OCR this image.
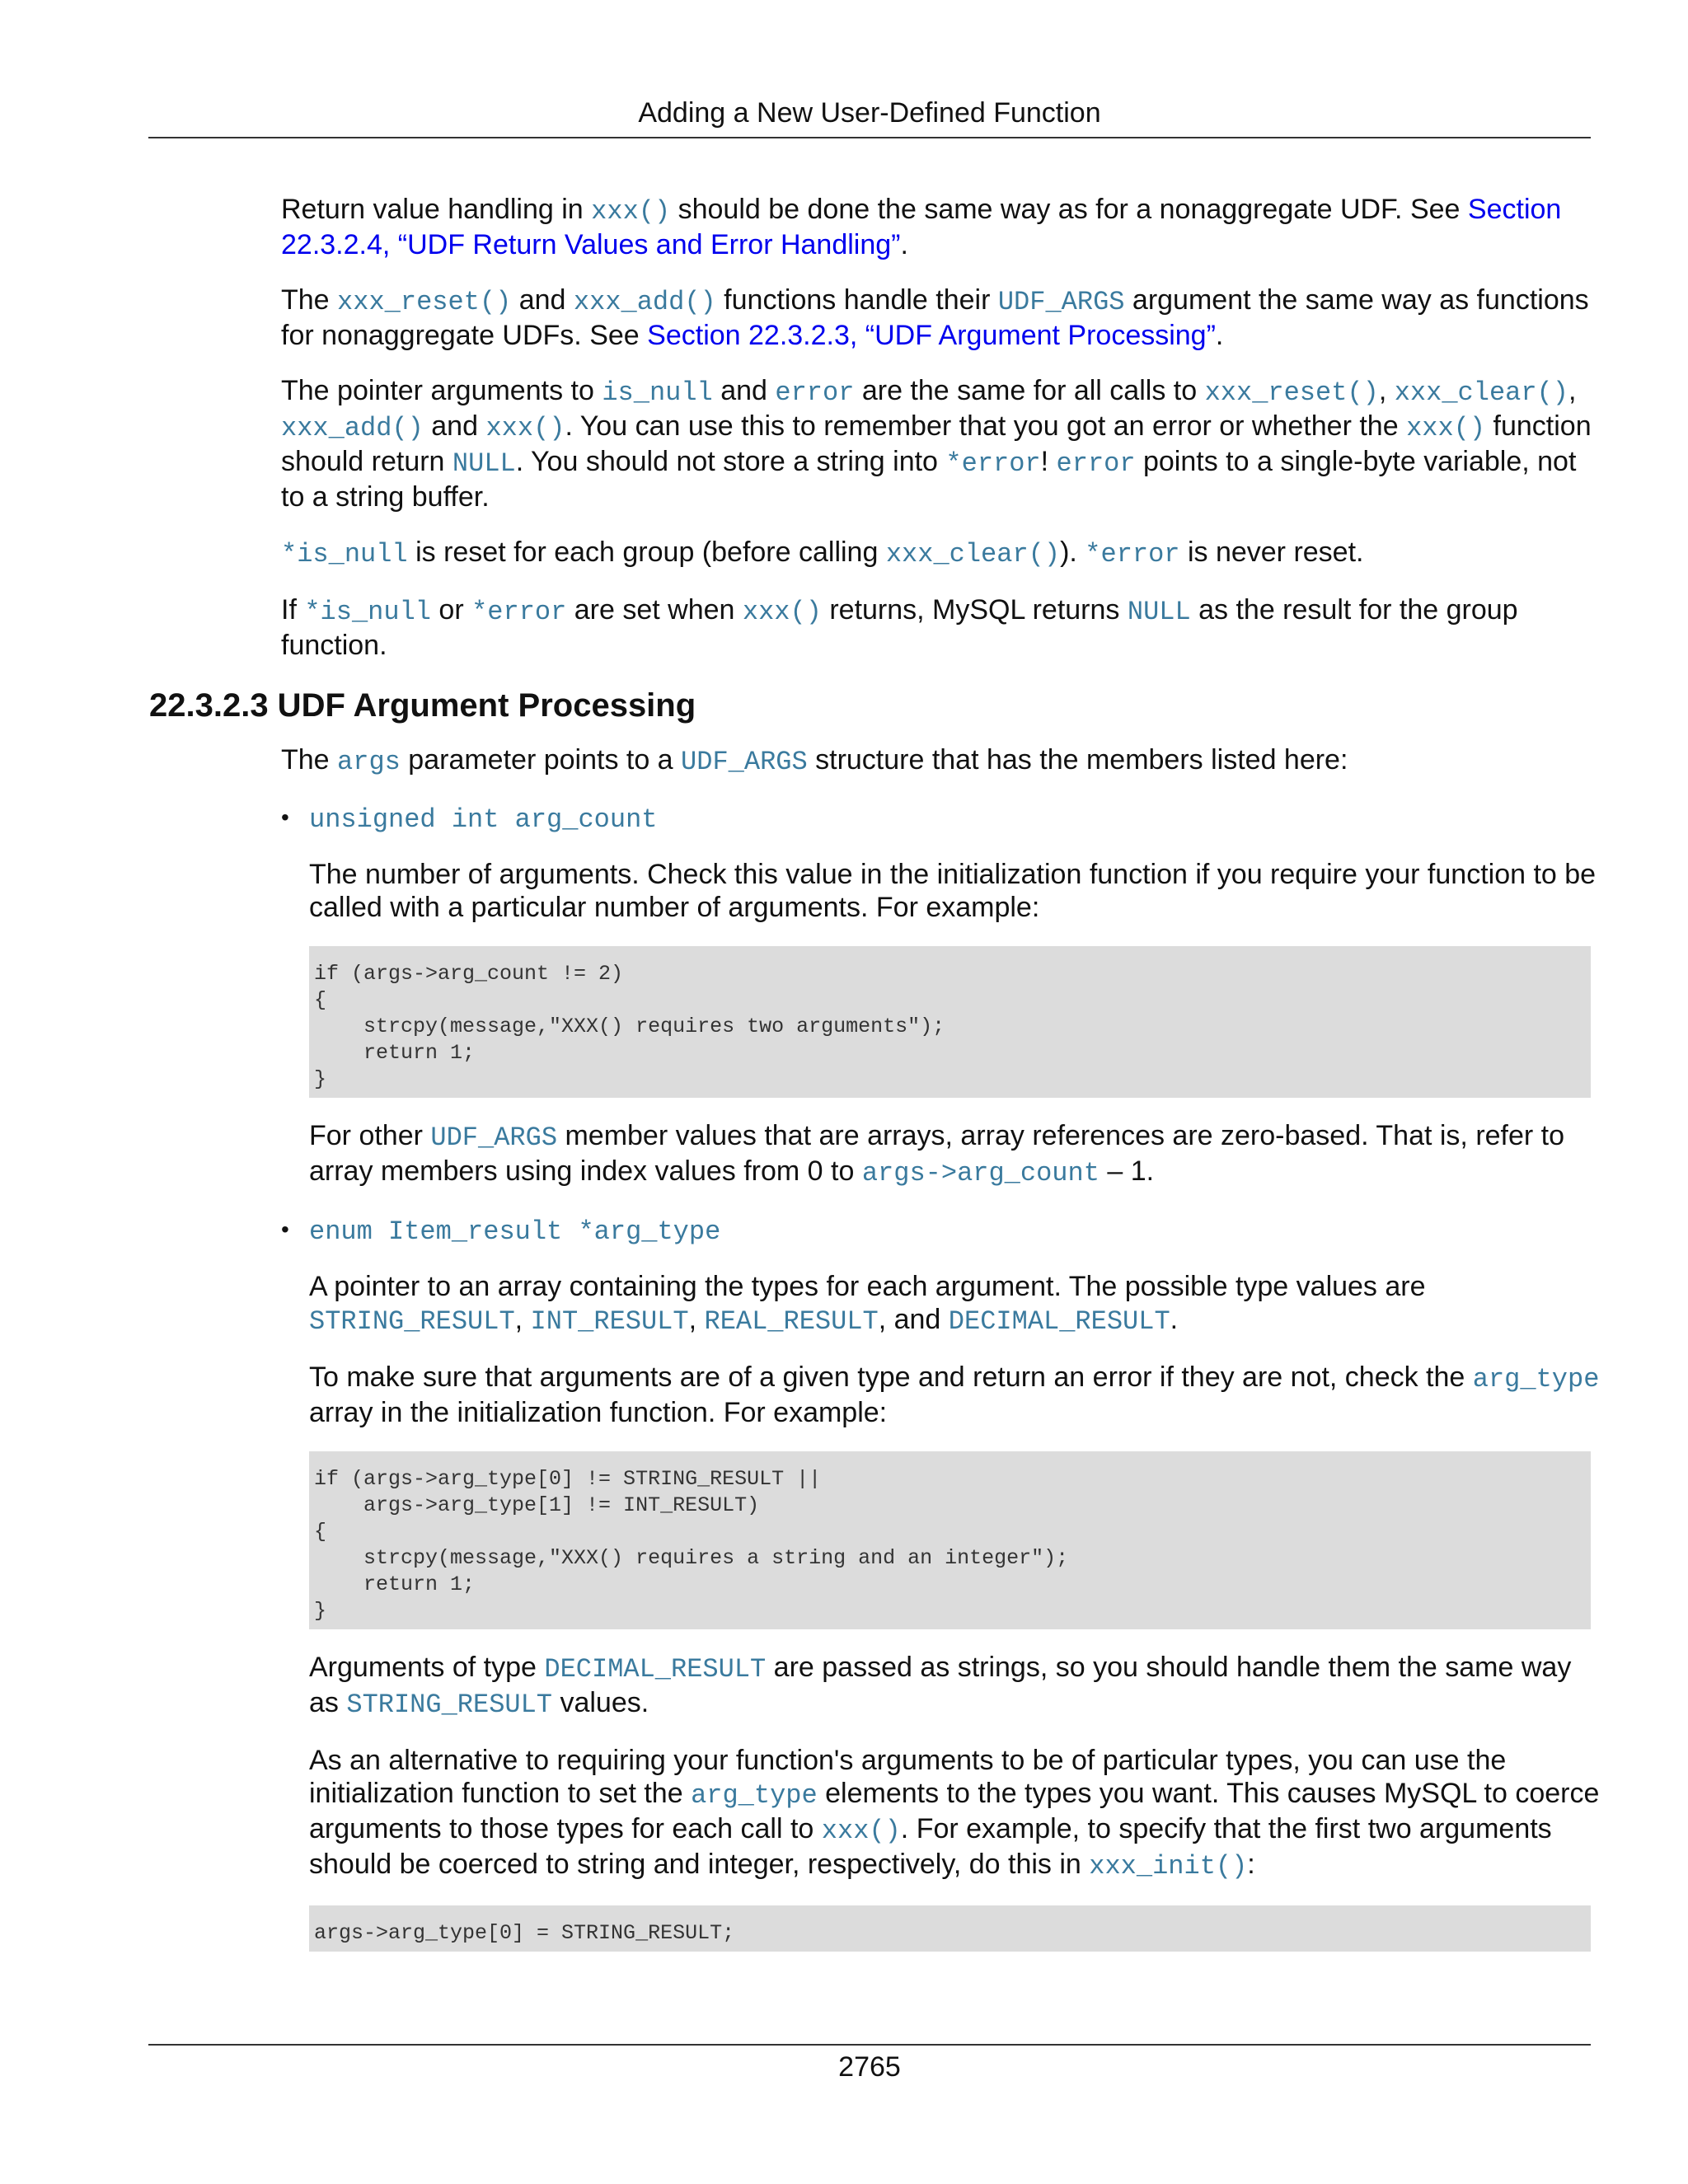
Adding a New User-Defined Function

Return value handling in xxx() should be done the same way as for a nonaggregate UDF. See Section 22.3.2.4, “UDF Return Values and Error Handling”.

The xxx_reset() and xxx_add() functions handle their UDF_ARGS argument the same way as functions for nonaggregate UDFs. See Section 22.3.2.3, “UDF Argument Processing”.

The pointer arguments to is_null and error are the same for all calls to xxx_reset(), xxx_clear(), xxx_add() and xxx(). You can use this to remember that you got an error or whether the xxx() function should return NULL. You should not store a string into *error! error points to a single-byte variable, not to a string buffer.

*is_null is reset for each group (before calling xxx_clear()). *error is never reset.

If *is_null or *error are set when xxx() returns, MySQL returns NULL as the result for the group function.

22.3.2.3 UDF Argument Processing

The args parameter points to a UDF_ARGS structure that has the members listed here:

• unsigned int arg_count

The number of arguments. Check this value in the initialization function if you require your function to be called with a particular number of arguments. For example:

if (args->arg_count != 2)
{
strcpy(message,"XXX() requires two arguments");
return 1;
}

For other UDF_ARGS member values that are arrays, array references are zero-based. That is, refer to array members using index values from 0 to args->arg_count – 1.

• enum Item_result *arg_type

A pointer to an array containing the types for each argument. The possible type values are STRING_RESULT, INT_RESULT, REAL_RESULT, and DECIMAL_RESULT.

To make sure that arguments are of a given type and return an error if they are not, check the arg_type array in the initialization function. For example:

if (args->arg_type[0] != STRING_RESULT ||
args->arg_type[1] != INT_RESULT)
{
strcpy(message,"XXX() requires a string and an integer");
return 1;
}

Arguments of type DECIMAL_RESULT are passed as strings, so you should handle them the same way as STRING_RESULT values.

As an alternative to requiring your function's arguments to be of particular types, you can use the initialization function to set the arg_type elements to the types you want. This causes MySQL to coerce arguments to those types for each call to xxx(). For example, to specify that the first two arguments should be coerced to string and integer, respectively, do this in xxx_init():

args->arg_type[0] = STRING_RESULT;
2765
